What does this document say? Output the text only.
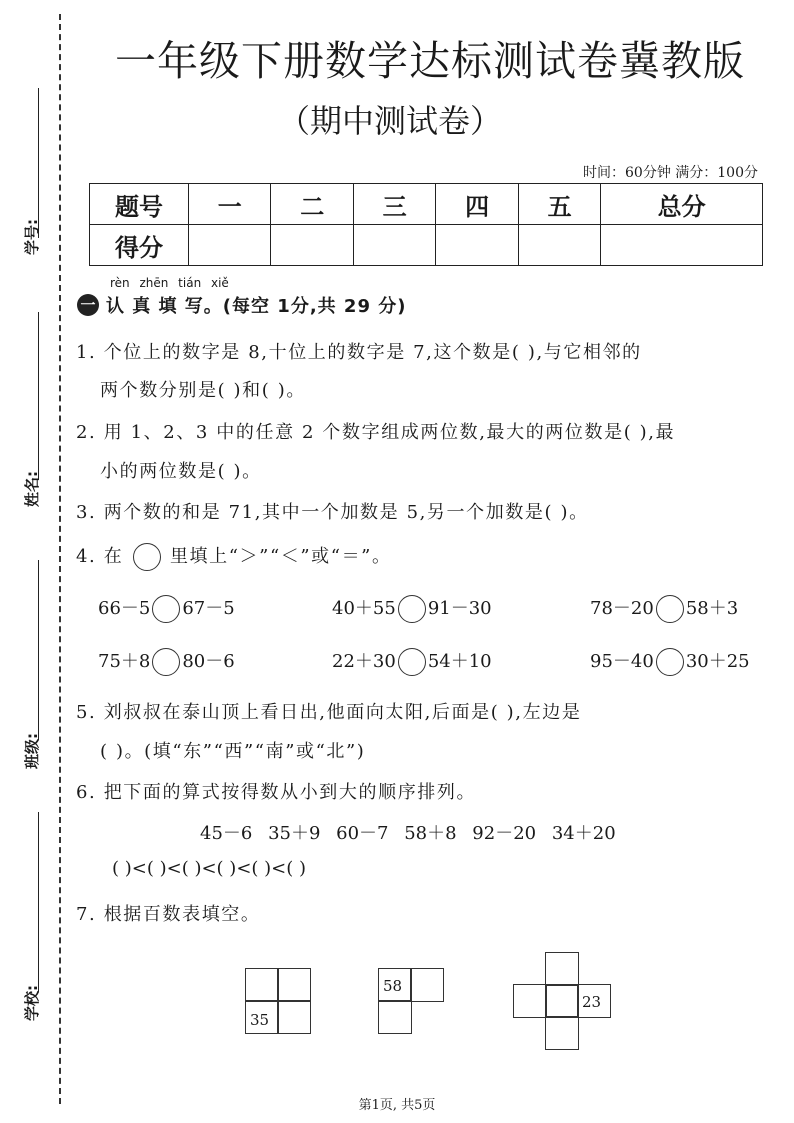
学号:
姓名:
班级:
学校:
一年级下册数学达标测试卷冀教版
（期中测试卷）
时间：60分钟 满分：100分
题号	一	二	三	四	五	总分
得分						
rèn zhēn tián xiě
一 认 真 填 写。(每空 1分,共 29 分)
1. 个位上的数字是 8,十位上的数字是 7,这个数是( ),与它相邻的
两个数分别是( )和( )。
2. 用 1、2、3 中的任意 2 个数字组成两位数,最大的两位数是( ),最
小的两位数是( )。
3. 两个数的和是 71,其中一个加数是 5,另一个加数是( )。
4. 在	里填上“＞”“＜”或“＝”。
66－5 67－5	40＋55 91－30	78－20 58＋3
75＋8 80－6	22＋30 54＋10	95－40 30＋25
5. 刘叔叔在泰山顶上看日出,他面向太阳,后面是( ),左边是
( )。(填“东”“西”“南”或“北”)
6. 把下面的算式按得数从小到大的顺序排列。
45－6 35＋9 60－7 58＋8 92－20 34＋20
( )<( )<( )<( )<( )<( )
7. 根据百数表填空。
35
58
23
第1页, 共5页
